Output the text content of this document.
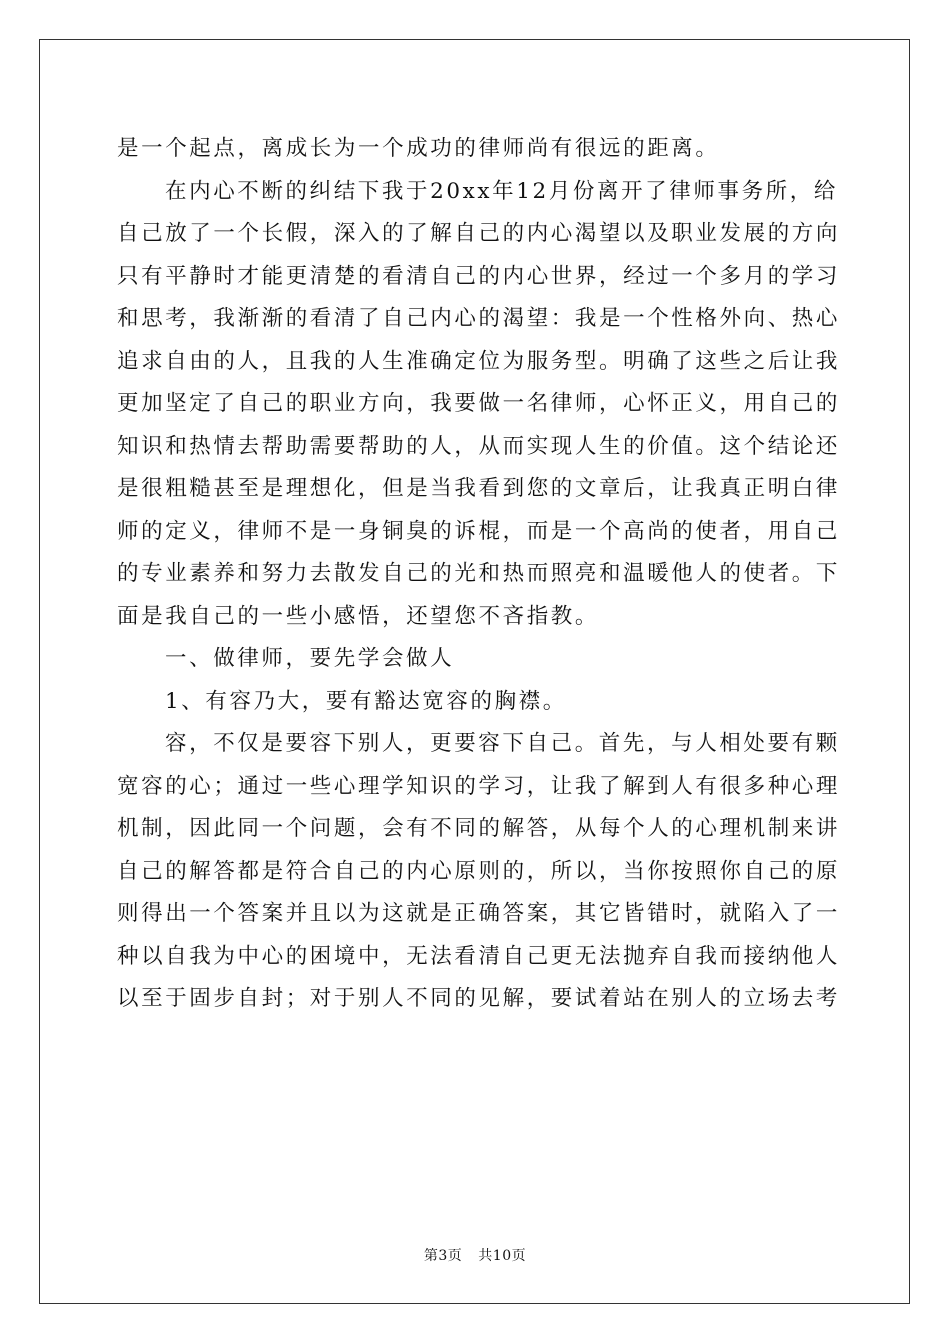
是一个起点，离成长为一个成功的律师尚有很远的距离。
在内心不断的纠结下我于20xx年12月份离开了律师事务所，给
自己放了一个长假，深入的了解自己的内心渴望以及职业发展的方向
只有平静时才能更清楚的看清自己的内心世界，经过一个多月的学习
和思考，我渐渐的看清了自己内心的渴望：我是一个性格外向、热心
追求自由的人，且我的人生准确定位为服务型。明确了这些之后让我
更加坚定了自己的职业方向，我要做一名律师，心怀正义，用自己的
知识和热情去帮助需要帮助的人，从而实现人生的价值。这个结论还
是很粗糙甚至是理想化，但是当我看到您的文章后，让我真正明白律
师的定义，律师不是一身铜臭的诉棍，而是一个高尚的使者，用自己
的专业素养和努力去散发自己的光和热而照亮和温暖他人的使者。下
面是我自己的一些小感悟，还望您不吝指教。
一、做律师，要先学会做人
1、有容乃大，要有豁达宽容的胸襟。
容，不仅是要容下别人，更要容下自己。首先，与人相处要有颗
宽容的心；通过一些心理学知识的学习，让我了解到人有很多种心理
机制，因此同一个问题，会有不同的解答，从每个人的心理机制来讲
自己的解答都是符合自己的内心原则的，所以，当你按照你自己的原
则得出一个答案并且以为这就是正确答案，其它皆错时，就陷入了一
种以自我为中心的困境中，无法看清自己更无法抛弃自我而接纳他人
以至于固步自封；对于别人不同的见解，要试着站在别人的立场去考
第3页 共10页
